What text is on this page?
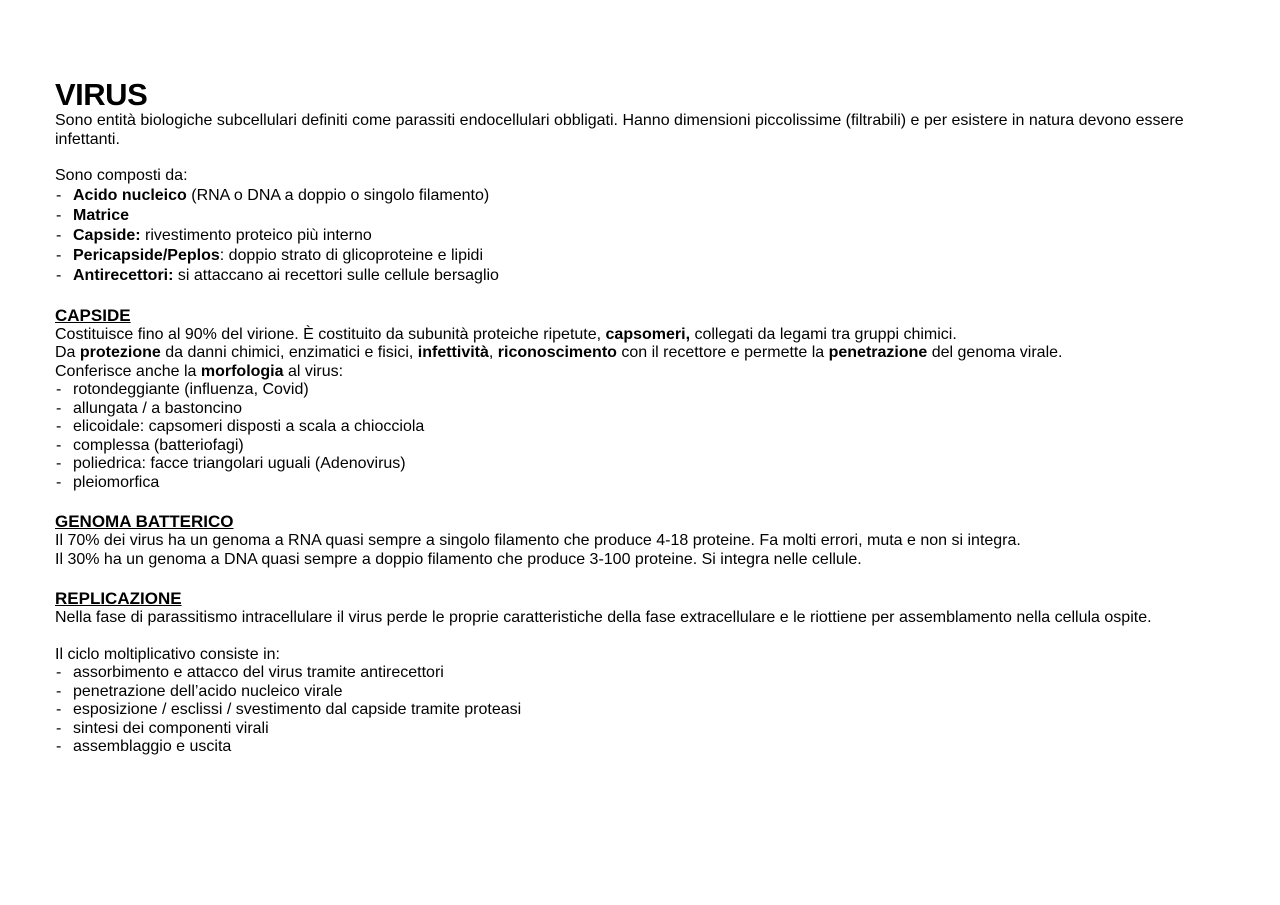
VIRUS

Sono entità biologiche subcellulari definiti come parassiti endocellulari obbligati. Hanno dimensioni piccolissime (filtrabili) e per esistere in natura devono essere infettanti.

Sono composti da:

- Acido nucleico (RNA o DNA a doppio o singolo filamento)
- Matrice
- Capside: rivestimento proteico più interno
- Pericapside/Peplos: doppio strato di glicoproteine e lipidi
- Antirecettori: si attaccano ai recettori sulle cellule bersaglio
CAPSIDE

Costituisce fino al 90% del virione. È costituito da subunità proteiche ripetute, capsomeri, collegati da legami tra gruppi chimici.

Da protezione da danni chimici, enzimatici e fisici, infettività, riconoscimento con il recettore e permette la penetrazione del genoma virale.

Conferisce anche la morfologia al virus:

- rotondeggiante (influenza, Covid)
- allungata / a bastoncino
- elicoidale: capsomeri disposti a scala a chiocciola
- complessa (batteriofagi)
- poliedrica: facce triangolari uguali (Adenovirus)
- pleiomorfica
GENOMA BATTERICO

Il 70% dei virus ha un genoma a RNA quasi sempre a singolo filamento che produce 4-18 proteine. Fa molti errori, muta e non si integra.

Il 30% ha un genoma a DNA quasi sempre a doppio filamento che produce 3-100 proteine. Si integra nelle cellule.

REPLICAZIONE

Nella fase di parassitismo intracellulare il virus perde le proprie caratteristiche della fase extracellulare e le riottiene per assemblamento nella cellula ospite.

Il ciclo moltiplicativo consiste in:

- assorbimento e attacco del virus tramite antirecettori
- penetrazione dell’acido nucleico virale
- esposizione / esclissi / svestimento dal capside tramite proteasi
- sintesi dei componenti virali
- assemblaggio e uscita
